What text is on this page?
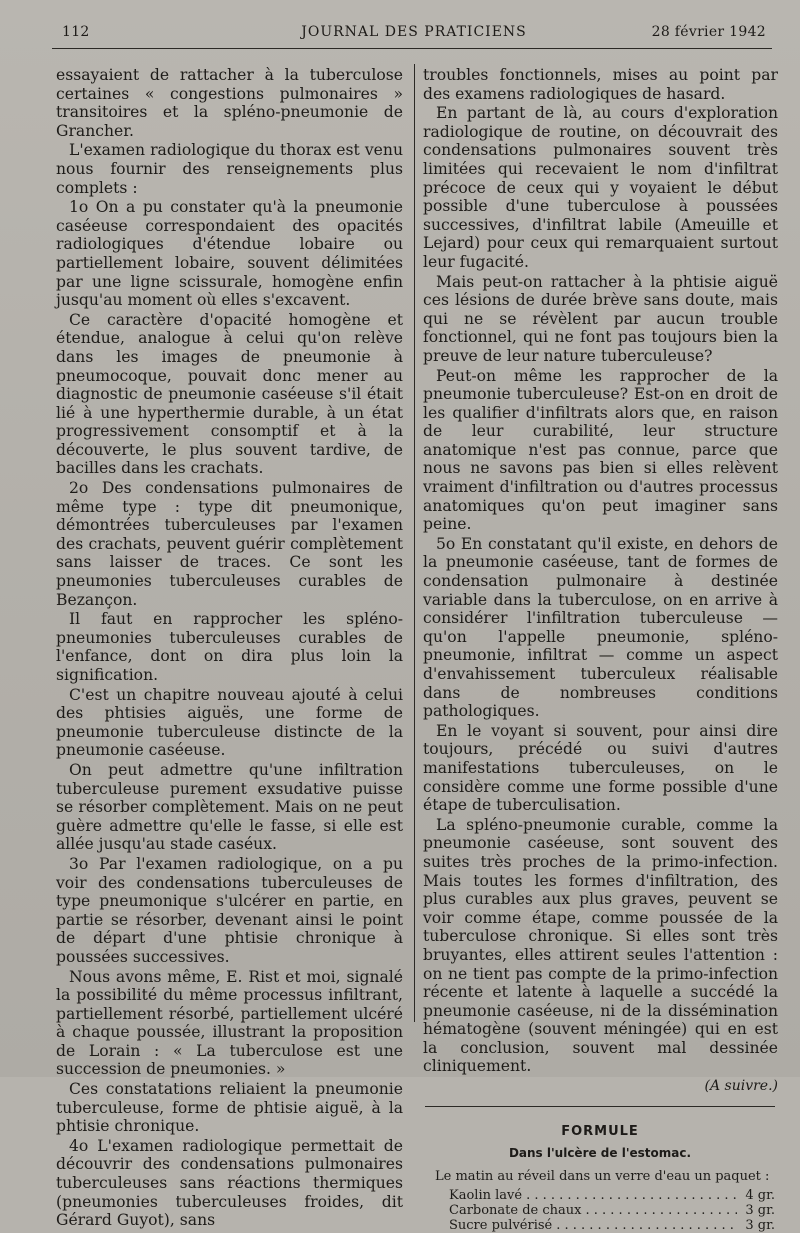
112	JOURNAL DES PRATICIENS	28 février 1942

essayaient de rattacher à la tuberculose certaines « congestions pulmonaires » transitoires et la spléno-pneumonie de Grancher.

L'examen radiologique du thorax est venu nous fournir des renseignements plus complets :

1o On a pu constater qu'à la pneumonie caséeuse correspondaient des opacités radiologiques d'étendue lobaire ou partiellement lobaire, souvent délimitées par une ligne scissurale, homogène enfin jusqu'au moment où elles s'excavent.

Ce caractère d'opacité homogène et étendue, analogue à celui qu'on relève dans les images de pneumonie à pneumocoque, pouvait donc mener au diagnostic de pneumonie caséeuse s'il était lié à une hyperthermie durable, à un état progressivement consomptif et à la découverte, le plus souvent tardive, de bacilles dans les crachats.

2o Des condensations pulmonaires de même type : type dit pneumonique, démontrées tuberculeuses par l'examen des crachats, peuvent guérir complètement sans laisser de traces. Ce sont les pneumonies tuberculeuses curables de Bezançon.

Il faut en rapprocher les spléno-pneumonies tuberculeuses curables de l'enfance, dont on dira plus loin la signification.

C'est un chapitre nouveau ajouté à celui des phtisies aiguës, une forme de pneumonie tuberculeuse distincte de la pneumonie caséeuse.

On peut admettre qu'une infiltration tuberculeuse purement exsudative puisse se résorber complètement. Mais on ne peut guère admettre qu'elle le fasse, si elle est allée jusqu'au stade caséux.

3o Par l'examen radiologique, on a pu voir des condensations tuberculeuses de type pneumonique s'ulcérer en partie, en partie se résorber, devenant ainsi le point de départ d'une phtisie chronique à poussées successives.

Nous avons même, E. Rist et moi, signalé la possibilité du même processus infiltrant, partiellement résorbé, partiellement ulcéré à chaque poussée, illustrant la proposition de Lorain : « La tuberculose est une succession de pneumonies. »

Ces constatations reliaient la pneumonie tuberculeuse, forme de phtisie aiguë, à la phtisie chronique.

4o L'examen radiologique permettait de découvrir des condensations pulmonaires tuberculeuses sans réactions thermiques (pneumonies tuberculeuses froides, dit Gérard Guyot), sans

troubles fonctionnels, mises au point par des examens radiologiques de hasard.

En partant de là, au cours d'exploration radiologique de routine, on découvrait des condensations pulmonaires souvent très limitées qui recevaient le nom d'infiltrat précoce de ceux qui y voyaient le début possible d'une tuberculose à poussées successives, d'infiltrat labile (Ameuille et Lejard) pour ceux qui remarquaient surtout leur fugacité.

Mais peut-on rattacher à la phtisie aiguë ces lésions de durée brève sans doute, mais qui ne se révèlent par aucun trouble fonctionnel, qui ne font pas toujours bien la preuve de leur nature tuberculeuse?

Peut-on même les rapprocher de la pneumonie tuberculeuse? Est-on en droit de les qualifier d'infiltrats alors que, en raison de leur curabilité, leur structure anatomique n'est pas connue, parce que nous ne savons pas bien si elles relèvent vraiment d'infiltration ou d'autres processus anatomiques qu'on peut imaginer sans peine.

5o En constatant qu'il existe, en dehors de la pneumonie caséeuse, tant de formes de condensation pulmonaire à destinée variable dans la tuberculose, on en arrive à considérer l'infiltration tuberculeuse — qu'on l'appelle pneumonie, spléno-pneumonie, infiltrat — comme un aspect d'envahissement tuberculeux réalisable dans de nombreuses conditions pathologiques.

En le voyant si souvent, pour ainsi dire toujours, précédé ou suivi d'autres manifestations tuberculeuses, on le considère comme une forme possible d'une étape de tuberculisation.

La spléno-pneumonie curable, comme la pneumonie caséeuse, sont souvent des suites très proches de la primo-infection. Mais toutes les formes d'infiltration, des plus curables aux plus graves, peuvent se voir comme étape, comme poussée de la tuberculose chronique. Si elles sont très bruyantes, elles attirent seules l'attention : on ne tient pas compte de la primo-infection récente et latente à laquelle a succédé la pneumonie caséeuse, ni de la dissémination hématogène (souvent méningée) qui en est la conclusion, souvent mal dessinée cliniquement.

(A suivre.)
FORMULE
Dans l'ulcère de l'estomac.
Le matin au réveil dans un verre d'eau un paquet :
Kaolin lavé . . .	4 gr.
Carbonate de chaux . . .	3 gr.
Sucre pulvérisé . . .	3 gr.
